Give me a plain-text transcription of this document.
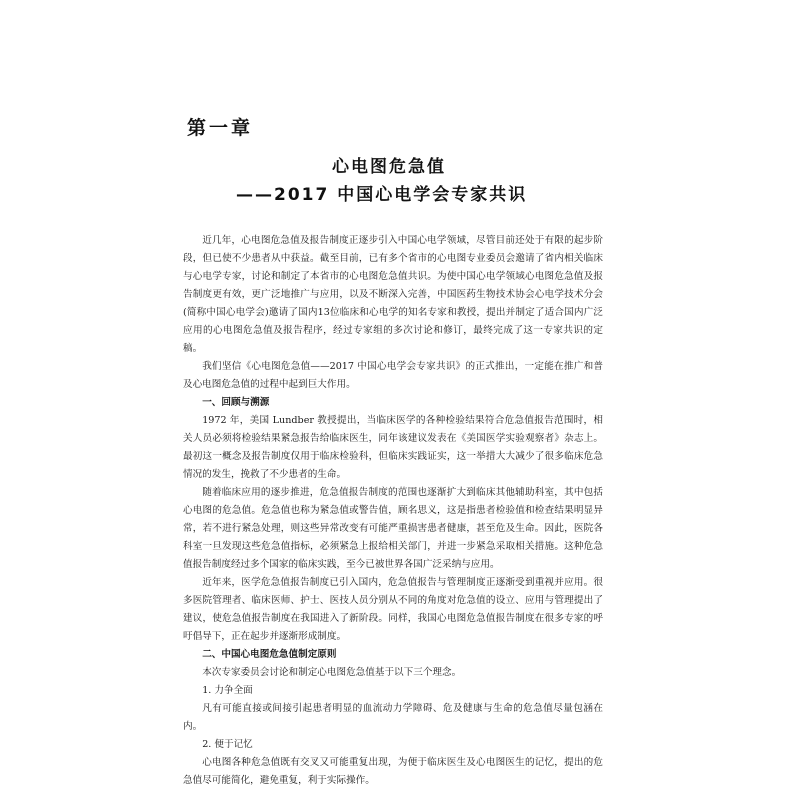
第一章
心电图危急值
——2017 中国心电学会专家共识

近几年，心电图危急值及报告制度正逐步引入中国心电学领域，尽管目前还处于有限的起步阶段，但已使不少患者从中获益。截至目前，已有多个省市的心电图专业委员会邀请了省内相关临床与心电学专家，讨论和制定了本省市的心电图危急值共识。为使中国心电学领域心电图危急值及报告制度更有效，更广泛地推广与应用，以及不断深入完善，中国医药生物技术协会心电学技术分会(简称中国心电学会)邀请了国内13位临床和心电学的知名专家和教授，提出并制定了适合国内广泛应用的心电图危急值及报告程序，经过专家组的多次讨论和修订，最终完成了这一专家共识的定稿。

我们坚信《心电图危急值——2017 中国心电学会专家共识》的正式推出，一定能在推广和普及心电图危急值的过程中起到巨大作用。

一、回顾与溯源

1972 年，美国 Lundber 教授提出，当临床医学的各种检验结果符合危急值报告范围时，相关人员必须将检验结果紧急报告给临床医生，同年该建议发表在《美国医学实验观察者》杂志上。最初这一概念及报告制度仅用于临床检验科，但临床实践证实，这一举措大大减少了很多临床危急情况的发生，挽救了不少患者的生命。

随着临床应用的逐步推进，危急值报告制度的范围也逐渐扩大到临床其他辅助科室，其中包括心电图的危急值。危急值也称为紧急值或警告值，顾名思义，这是指患者检验值和检查结果明显异常，若不进行紧急处理，则这些异常改变有可能严重损害患者健康，甚至危及生命。因此，医院各科室一旦发现这些危急值指标，必须紧急上报给相关部门，并进一步紧急采取相关措施。这种危急值报告制度经过多个国家的临床实践，至今已被世界各国广泛采纳与应用。

近年来，医学危急值报告制度已引入国内，危急值报告与管理制度正逐渐受到重视并应用。很多医院管理者、临床医师、护士、医技人员分别从不同的角度对危急值的设立、应用与管理提出了建议，使危急值报告制度在我国进入了新阶段。同样，我国心电图危急值报告制度在很多专家的呼吁倡导下，正在起步并逐渐形成制度。

二、中国心电图危急值制定原则

本次专家委员会讨论和制定心电图危急值基于以下三个理念。

1. 力争全面

凡有可能直接或间接引起患者明显的血流动力学障碍、危及健康与生命的危急值尽量包涵在内。

2. 便于记忆

心电图各种危急值既有交叉又可能重复出现，为便于临床医生及心电图医生的记忆，提出的危急值尽可能简化，避免重复，利于实际操作。
